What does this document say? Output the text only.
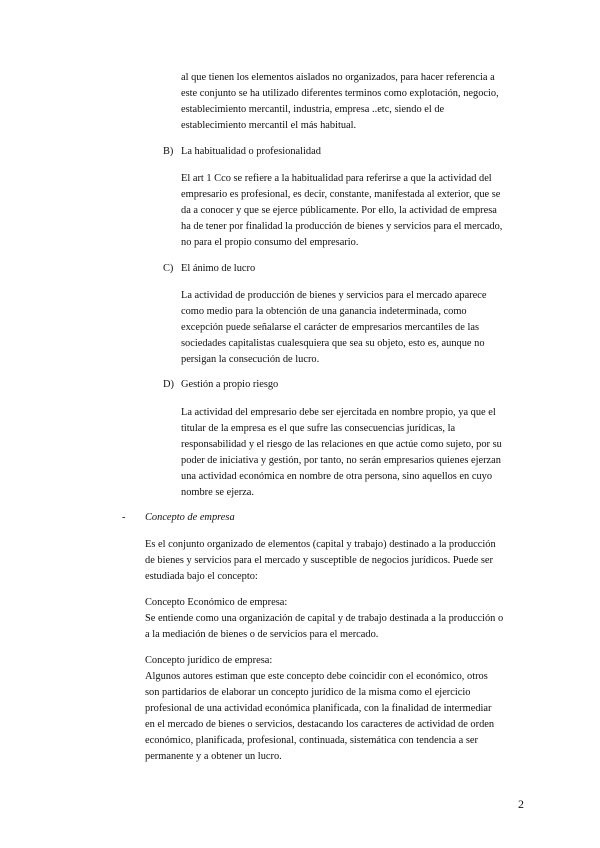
al que tienen los elementos aislados no organizados, para hacer referencia a
este conjunto se ha utilizado diferentes terminos como explotación, negocio,
establecimiento mercantil, industria, empresa ..etc, siendo el de
establecimiento mercantil el más habitual.
B) La habitualidad o profesionalidad
El art 1 Cco se refiere a la habitualidad para referirse a que la actividad del
empresario es profesional, es decir, constante, manifestada al exterior, que se
da a conocer y que se ejerce públicamente. Por ello, la actividad de empresa
ha de tener por finalidad la producción de bienes y servicios para el mercado,
no para el propio consumo del empresario.
C) El ánimo de lucro
La actividad de producción de bienes y servicios para el mercado aparece
como medio para la obtención de una ganancia indeterminada, como
excepción puede señalarse el carácter de empresarios mercantiles de las
sociedades capitalistas cualesquiera que sea su objeto, esto es, aunque no
persigan la consecución de lucro.
D) Gestión a propio riesgo
La actividad del empresario debe ser ejercitada en nombre propio, ya que el
titular de la empresa es el que sufre las consecuencias jurídicas, la
responsabilidad y el riesgo de las relaciones en que actúe como sujeto, por su
poder de iniciativa y gestión, por tanto, no serán empresarios quienes ejerzan
una actividad económica en nombre de otra persona, sino aquellos en cuyo
nombre se ejerza.
- Concepto de empresa
Es el conjunto organizado de elementos (capital y trabajo) destinado a la producción
de bienes y servicios para el mercado y susceptible de negocios jurídicos. Puede ser
estudiada bajo el concepto:
Concepto Económico de empresa:
Se entiende como una organización de capital y de trabajo destinada a la producción o
a la mediación de bienes o de servicios para el mercado.
Concepto jurídico de empresa:
Algunos autores estiman que este concepto debe coincidir con el económico, otros
son partidarios de elaborar un concepto jurídico de la misma como el ejercicio
profesional de una actividad económica planificada, con la finalidad de intermediar
en el mercado de bienes o servicios, destacando los caracteres de actividad de orden
económico, planificada, profesional, continuada, sistemática con tendencia a ser
permanente y a obtener un lucro.
2
